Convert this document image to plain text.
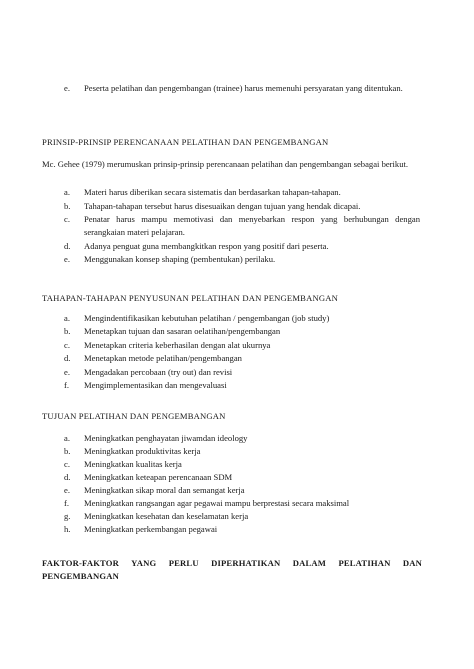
e.	Peserta pelatihan dan pengembangan (trainee) harus memenuhi persyaratan yang ditentukan.
PRINSIP-PRINSIP PERENCANAAN PELATIHAN DAN PENGEMBANGAN
Mc. Gehee (1979) merumuskan prinsip-prinsip perencanaan pelatihan dan pengembangan sebagai berikut.
a.	Materi harus diberikan secara sistematis dan berdasarkan tahapan-tahapan.
b.	Tahapan-tahapan tersebut harus disesuaikan dengan tujuan yang hendak dicapai.
c.	Penatar harus mampu memotivasi dan menyebarkan respon yang berhubungan dengan serangkaian materi pelajaran.
d.	Adanya penguat guna membangkitkan respon yang positif dari peserta.
e.	Menggunakan konsep shaping (pembentukan) perilaku.
TAHAPAN-TAHAPAN PENYUSUNAN PELATIHAN DAN PENGEMBANGAN
a.	Mengindentifikasikan kebutuhan pelatihan / pengembangan (job study)
b.	Menetapkan tujuan dan sasaran oelatihan/pengembangan
c.	Menetapkan criteria keberhasilan dengan alat ukurnya
d.	Menetapkan metode pelatihan/pengembangan
e.	Mengadakan percobaan (try out) dan revisi
f.	Mengimplementasikan dan mengevaluasi
TUJUAN PELATIHAN DAN PENGEMBANGAN
a.	Meningkatkan penghayatan jiwamdan ideology
b.	Meningkatkan produktivitas kerja
c.	Meningkatkan kualitas kerja
d.	Meningkatkan keteapan perencanaan SDM
e.	Meningkatkan sikap moral dan semangat kerja
f.	Meningkatkan rangsangan agar pegawai mampu berprestasi secara maksimal
g.	Meningkatkan kesehatan dan keselamatan kerja
h.	Meningkatkan perkembangan pegawai
FAKTOR-FAKTOR YANG PERLU DIPERHATIKAN DALAM PELATIHAN DAN PENGEMBANGAN
